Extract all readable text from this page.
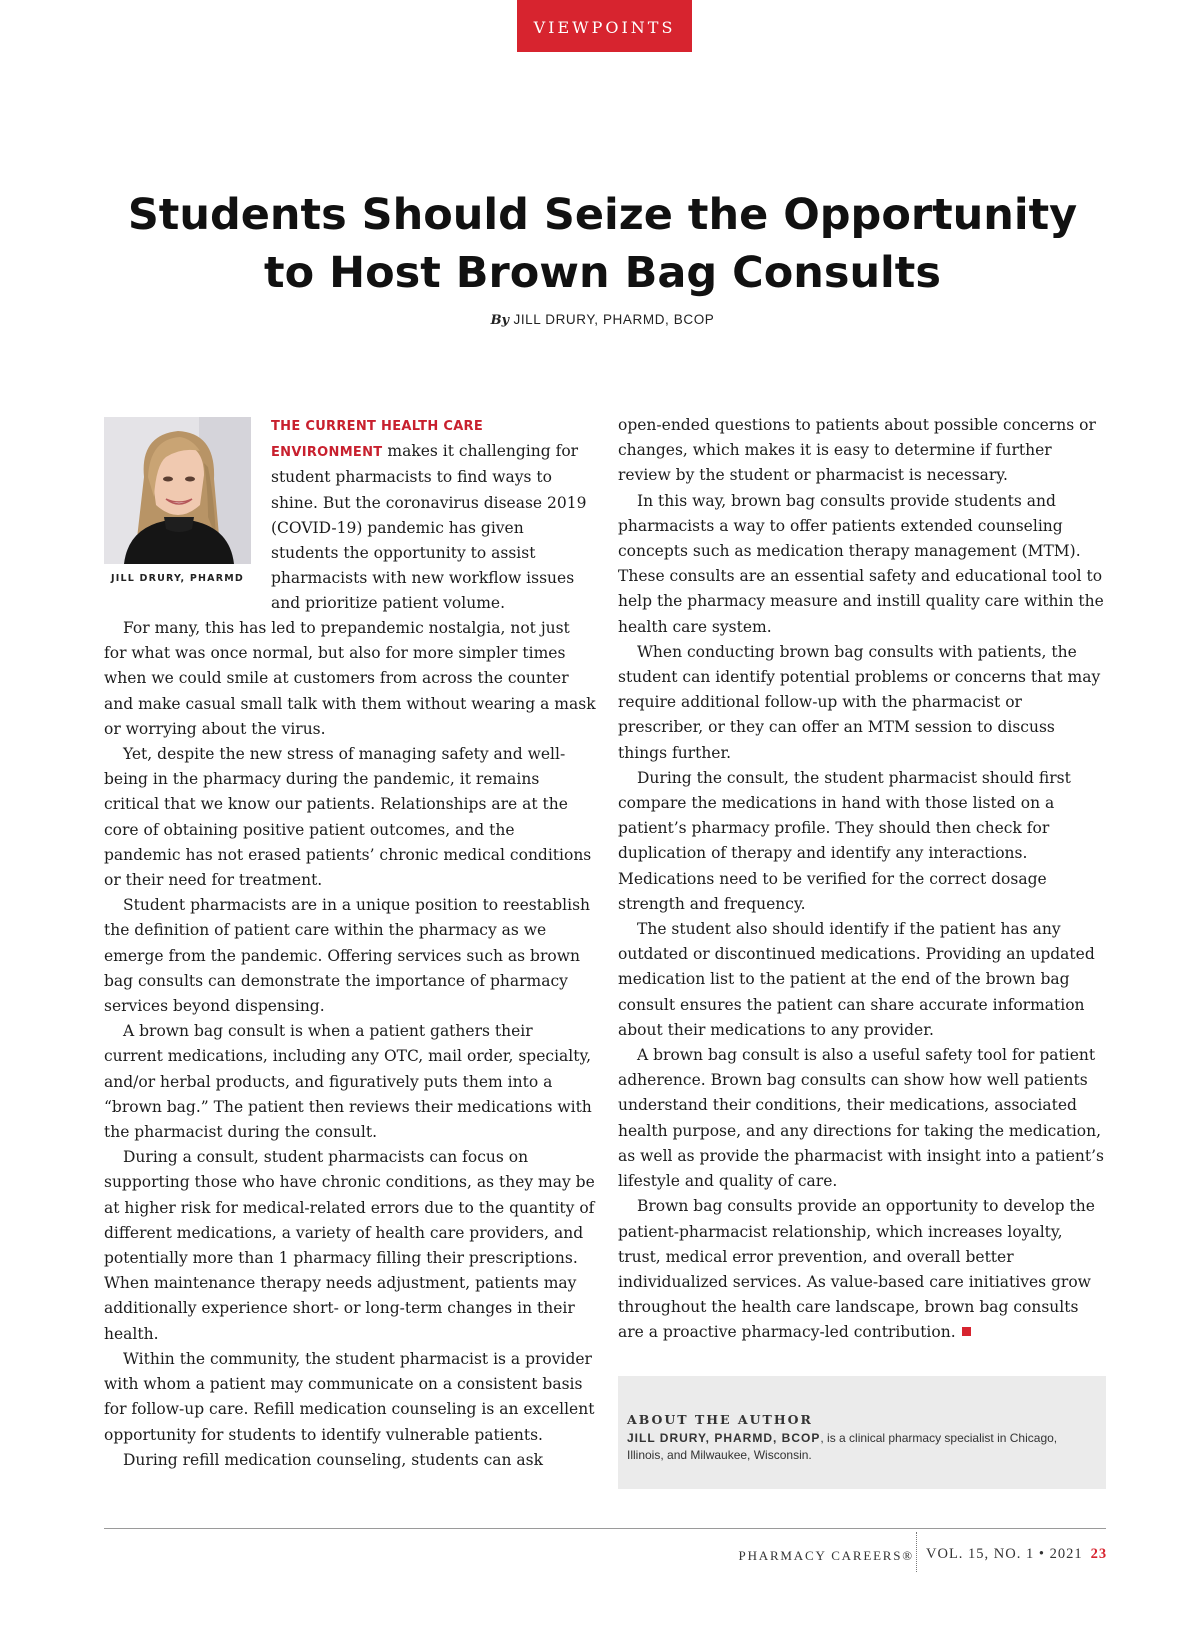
VIEWPOINTS
Students Should Seize the Opportunity
to Host Brown Bag Consults
By JILL DRURY, PHARMD, BCOP
JILL DRURY, PHARMD

THE CURRENT HEALTH CARE ENVIRONMENT makes it challenging for student pharmacists to find ways to shine. But the coronavirus disease 2019 (COVID-19) pandemic has given students the opportunity to assist pharmacists with new workflow issues and prioritize patient volume.

For many, this has led to prepandemic nostalgia, not just for what was once normal, but also for more simpler times when we could smile at customers from across the counter and make casual small talk with them without wearing a mask or worrying about the virus.

Yet, despite the new stress of managing safety and well-being in the pharmacy during the pandemic, it remains critical that we know our patients. Relationships are at the core of obtaining positive patient outcomes, and the pandemic has not erased patients’ chronic medical conditions or their need for treatment.

Student pharmacists are in a unique position to reestablish the definition of patient care within the pharmacy as we emerge from the pandemic. Offering services such as brown bag consults can demonstrate the importance of pharmacy services beyond dispensing.

A brown bag consult is when a patient gathers their current medications, including any OTC, mail order, specialty, and/or herbal products, and figuratively puts them into a “brown bag.” The patient then reviews their medications with the pharmacist during the consult.

During a consult, student pharmacists can focus on supporting those who have chronic conditions, as they may be at higher risk for medical-related errors due to the quantity of different medications, a variety of health care providers, and potentially more than 1 pharmacy filling their prescriptions. When maintenance therapy needs adjustment, patients may additionally experience short- or long-term changes in their health.

Within the community, the student pharmacist is a provider with whom a patient may communicate on a consistent basis for follow-up care. Refill medication counseling is an excellent opportunity for students to identify vulnerable patients.

During refill medication counseling, students can ask

open-ended questions to patients about possible concerns or changes, which makes it is easy to determine if further review by the student or pharmacist is necessary.

In this way, brown bag consults provide students and pharmacists a way to offer patients extended counseling concepts such as medication therapy management (MTM). These consults are an essential safety and educational tool to help the pharmacy measure and instill quality care within the health care system.

When conducting brown bag consults with patients, the student can identify potential problems or concerns that may require additional follow-up with the pharmacist or prescriber, or they can offer an MTM session to discuss things further.

During the consult, the student pharmacist should first compare the medications in hand with those listed on a patient’s pharmacy profile. They should then check for duplication of therapy and identify any interactions. Medications need to be verified for the correct dosage strength and frequency.

The student also should identify if the patient has any outdated or discontinued medications. Providing an updated medication list to the patient at the end of the brown bag consult ensures the patient can share accurate information about their medications to any provider.

A brown bag consult is also a useful safety tool for patient adherence. Brown bag consults can show how well patients understand their conditions, their medications, associated health purpose, and any directions for taking the medication, as well as provide the pharmacist with insight into a patient’s lifestyle and quality of care.

Brown bag consults provide an opportunity to develop the patient-pharmacist relationship, which increases loyalty, trust, medical error prevention, and overall better individualized services. As value-based care initiatives grow throughout the health care landscape, brown bag consults are a proactive pharmacy-led contribution.

ABOUT THE AUTHOR
JILL DRURY, PHARMD, BCOP, is a clinical pharmacy specialist in Chicago, Illinois, and Milwaukee, Wisconsin.
PHARMACY CAREERS® VOL. 15, NO. 1 • 2021 23
